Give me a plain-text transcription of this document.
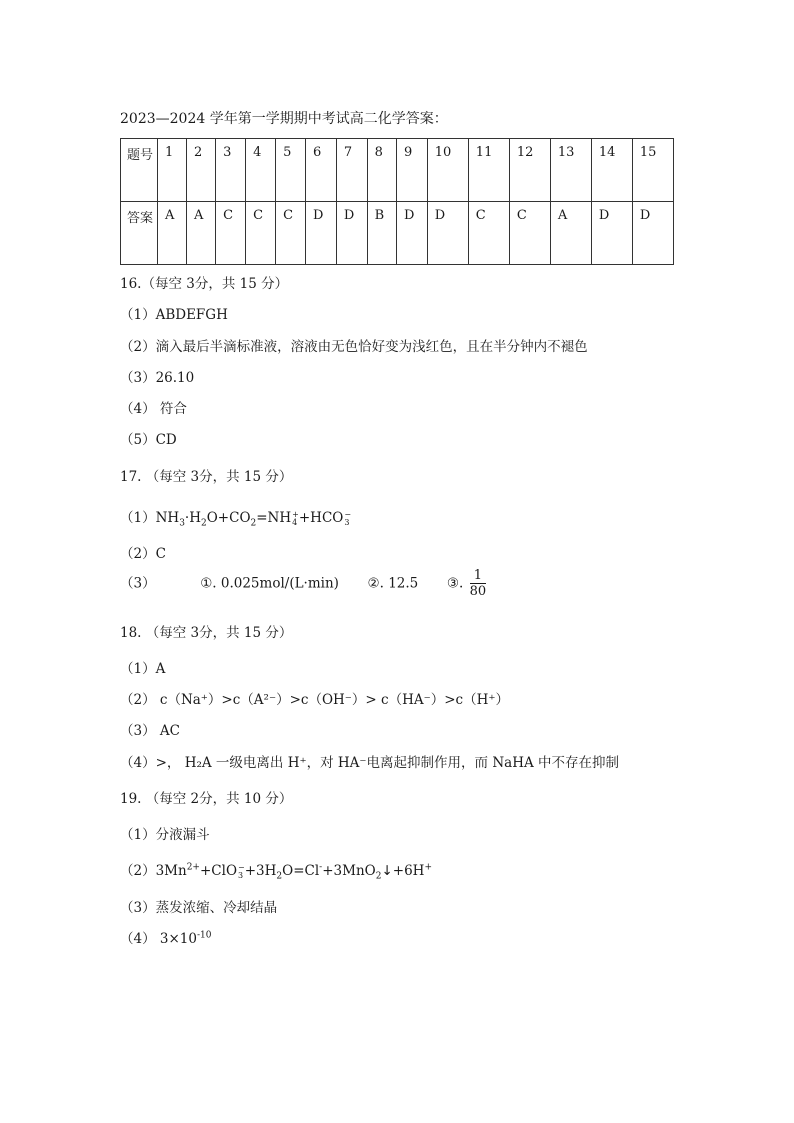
2023—2024 学年第一学期期中考试高二化学答案：
题号	1	2	3	4	5	6	7	8	9	10	11	12	13	14	15
答案	A	A	C	C	C	D	D	B	D	D	C	C	A	D	D
16.（每空 3分，共 15 分）
（1）ABDEFGH
（2）滴入最后半滴标准液，溶液由无色恰好变为浅红色，且在半分钟内不褪色
（3）26.10
（4） 符合
（5）CD
17. （每空 3分，共 15 分）
$(1)NH_3\cdot H_2O+CO_2=NH$ +
4 +HCO −
3
（2）C
（3）	①. 0.025mol/(L·min) ②. 12.5 ③. $\frac{1}{80}$
18. （每空 3分，共 15 分）
（1）A
（2） c（Na⁺）>c（A²⁻）>c（OH⁻）> c（HA⁻）>c（H⁺）
（3） AC
（4）>， H₂A 一级电离出 H⁺，对 HA⁻电离起抑制作用，而 NaHA 中不存在抑制
19. （每空 2分，共 10 分）
（1）分液漏斗
$(2)3Mn^{2+}+ClO$ −
$3 +3H_2O=Cl^-+3MnO_2↓+6H^+$
（3）蒸发浓缩、冷却结晶
（4） $3\times 10^{-10}$
